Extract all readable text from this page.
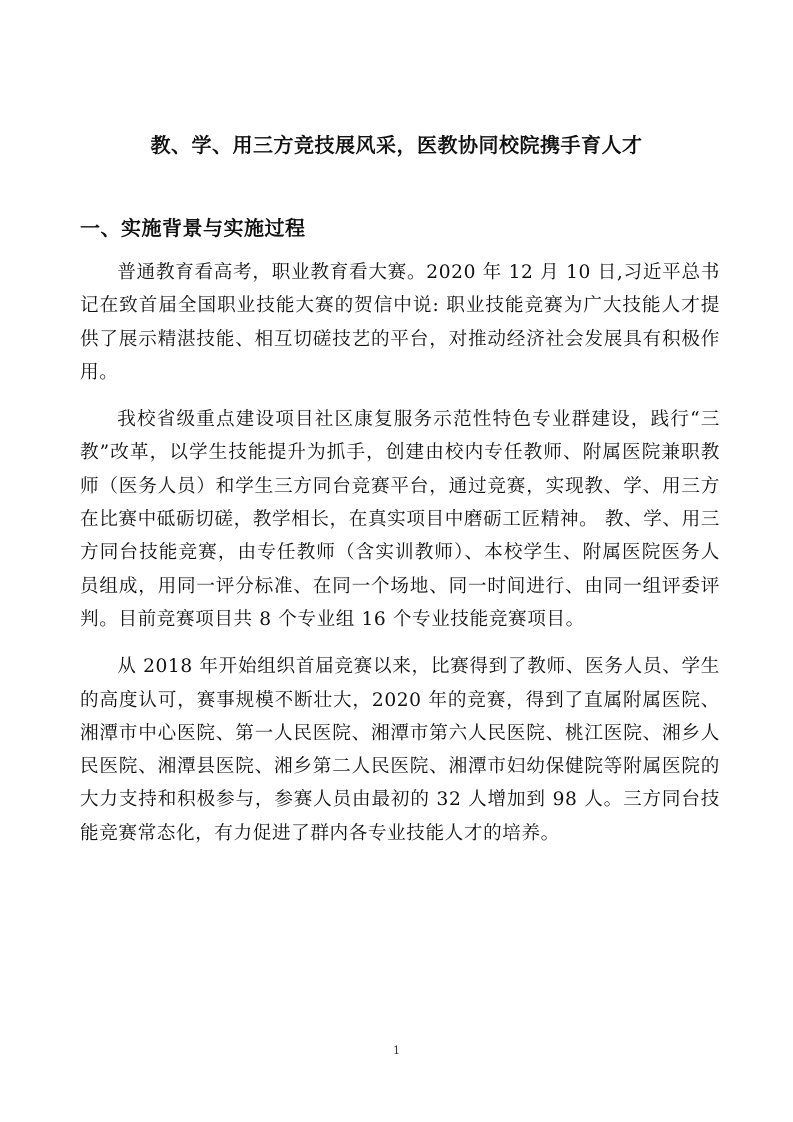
教、学、用三方竞技展风采，医教协同校院携手育人才
一、实施背景与实施过程

普通教育看高考，职业教育看大赛。2020 年 12 月 10 日,习近平总书记在致首届全国职业技能大赛的贺信中说: 职业技能竞赛为广大技能人才提供了展示精湛技能、相互切磋技艺的平台，对推动经济社会发展具有积极作用。

我校省级重点建设项目社区康复服务示范性特色专业群建设，践行“三教”改革，以学生技能提升为抓手，创建由校内专任教师、附属医院兼职教师（医务人员）和学生三方同台竞赛平台，通过竞赛，实现教、学、用三方在比赛中砥砺切磋，教学相长，在真实项目中磨砺工匠精神。 教、学、用三方同台技能竞赛，由专任教师（含实训教师）、本校学生、附属医院医务人员组成，用同一评分标准、在同一个场地、同一时间进行、由同一组评委评判。目前竞赛项目共 8 个专业组 16 个专业技能竞赛项目。

从 2018 年开始组织首届竞赛以来，比赛得到了教师、医务人员、学生的高度认可，赛事规模不断壮大，2020 年的竞赛，得到了直属附属医院、湘潭市中心医院、第一人民医院、湘潭市第六人民医院、桃江医院、湘乡人民医院、湘潭县医院、湘乡第二人民医院、湘潭市妇幼保健院等附属医院的大力支持和积极参与，参赛人员由最初的 32 人增加到 98 人。三方同台技能竞赛常态化，有力促进了群内各专业技能人才的培养。

1
